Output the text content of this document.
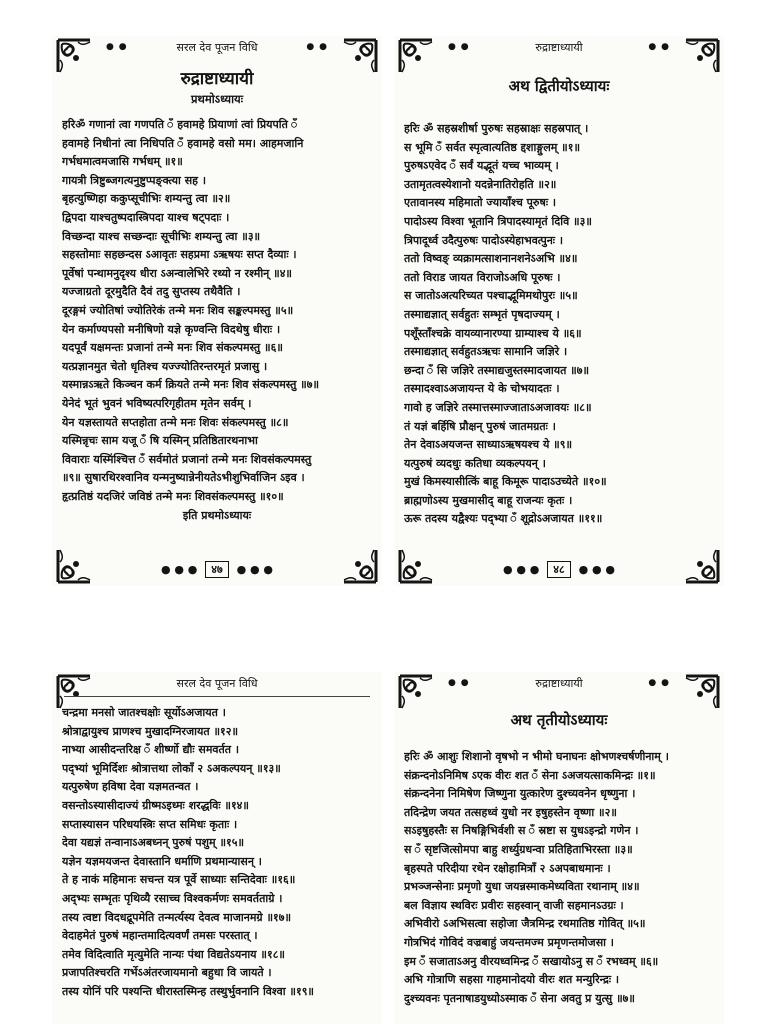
● ●	● ●
सरल देव पूजन विधि
रुद्राष्टाध्यायी
प्रथमोऽध्यायः
हरिॐ गणानां त्वा गणपति ँ हवामहे प्रियाणां त्वां प्रियपति ँ
हवामहे निधीनां त्वा निधिपति ँ हवामहे वसो मम। आहमजानि
गर्भधमात्वमजासि गर्भधम् ॥१॥
गायत्री त्रिष्टुब्जगत्यनुष्टुप्पङ्क्त्या सह ।
बृहत्युष्णिहा ककुप्सूचीभिः शम्यन्तु त्वा ॥२॥
द्विपदा याश्चतुष्पदास्त्रिपदा याश्च षट्पदाः ।
विच्छन्दा याश्च सच्छन्दाः सूचीभिः शम्यन्तु त्वा ॥३॥
सहस्तोमाः सहछन्दस ऽआवृतः सहप्रमा ऽऋषयः सप्त दैव्याः ।
पूर्वेषां पन्थामनुदृश्य धीरा ऽअन्वालेभिरे रथ्यो न रश्मीन् ॥४॥
यज्जाग्रतो दूरमुदैति दैवं तदु सुप्तस्य तथैवैति ।
दूरङ्गमं ज्योतिषां ज्योतिरेकं तन्मे मनः शिव सङ्कल्पमस्तु ॥५॥
येन कर्माण्यपसो मनीषिणो यज्ञे कृण्वन्ति विदथेषु धीराः ।
यदपूर्वं यक्षमन्तः प्रजानां तन्मे मनः शिव संकल्पमस्तु ॥६॥
यत्प्रज्ञानमुत चेतो धृतिश्च यज्ज्योतिरन्तरमृतं प्रजासु ।
यस्मान्नऽऋते किञ्चन कर्म क्रियते तन्मे मनः शिव संकल्पमस्तु ॥७॥
येनेदं भूतं भुवनं भविष्यत्परिगृहीतम मृतेन सर्वम् ।
येन यज्ञस्तायते सप्तहोता तन्मे मनः शिवः संकल्पमस्तु ॥८॥
यस्मिन्नृचः साम यजू ँ षि यस्मिन् प्रतिष्ठितारथनाभा
विवाराः यस्मिंश्चित्त ँ सर्वमोतं प्रजानां तन्मे मनः शिवसंकल्पमस्तु
॥९॥ सुषारथिरश्वानिव यन्मनुष्यान्नेनीयतेऽभीशुभिर्वाजिन ऽइव ।
हृत्प्रतिष्ठं यदजिरं जविष्ठं तन्मे मनः शिवसंकल्पमस्तु ॥१०॥
इति प्रथमोऽध्यायः
● ● ● ४७ ● ● ●
● ●	● ●
रुद्राष्टाध्यायी
अथ द्वितीयोऽध्यायः
हरिः ॐ सहस्रशीर्षा पुरुषः सहस्राक्षः सहस्रपात् ।
स भूमि ँ सर्वत स्पृत्वात्यतिष्ठ द्दशाङ्गुलम् ॥१॥
पुरुषऽएवेद ँ सर्वं यद्भूतं यच्च भाव्यम् ।
उतामृतत्वस्येशानो यदन्नेनातिरोहति ॥२॥
एतावानस्य महिमातो ज्यायाँश्च पूरुषः ।
पादोऽस्य विश्वा भूतानि त्रिपादस्यामृतं दिवि ॥३॥
त्रिपादूर्ध्व उदैत्पुरुषः पादोऽस्येहाभवत्पुनः ।
ततो विष्वङ् व्यक्रामत्साशनानशनेऽअभि ॥४॥
ततो विराड जायत विराजोऽअधि पूरुषः ।
स जातोऽअत्यरिच्यत पश्चाद्भूमिमथोपुरः ॥५॥
तस्माद्यज्ञात् सर्वहुतः सम्भृतं पृषदाज्यम् ।
पशूँस्ताँश्चक्रे वायव्यानारण्या ग्राम्याश्च ये ॥६॥
तस्माद्यज्ञात् सर्वहुतऽऋचः सामानि जज्ञिरे ।
छन्दा ँ सि जज्ञिरे तस्माद्यजुस्तस्मादजायत ॥७॥
तस्मादश्वाऽअजायन्त ये के चोभयादतः ।
गावो ह जज्ञिरे तस्मात्तस्माज्जाताऽअजावयः ॥८॥
तं यज्ञं बर्हिषि प्रौक्षन् पुरुषं जातमग्रतः ।
तेन देवाऽअयजन्त साध्याऽऋषयश्च ये ॥९॥
यत्पुरुषं व्यदधुः कतिधा व्यकल्पयन् ।
मुखं किमस्यासीत्किं बाहू किमूरू पादाऽउच्येते ॥१०॥
ब्राह्मणोऽस्य मुखमासीद् बाहू राजन्यः कृतः ।
ऊरू तदस्य यद्वैश्यः पद्भ्या ँ शूद्रोऽअजायत ॥११॥
● ● ● ४८ ● ● ●
सरल देव पूजन विधि
चन्द्रमा मनसो जातश्चक्षोः सूर्योऽअजायत ।
श्रोत्राद्वायुश्च प्राणश्च मुखादग्निरजायत ॥१२॥
नाभ्या आसीदन्तरिक्ष ँ शीर्ष्णो द्यौः समवर्तत ।
पद्भ्यां भूमिर्दिशः श्रोत्रात्तथा लोकाँ २ ऽअकल्पयन् ॥१३॥
यत्पुरुषेण हविषा देवा यज्ञमतन्वत ।
वसन्तोऽस्यासीदाज्यं ग्रीष्मऽइध्मः शरद्धविः ॥१४॥
सप्तास्यासन परिधयस्त्रिः सप्त समिधः कृताः ।
देवा यद्यज्ञं तन्वानाऽअबध्नन् पुरुषं पशुम् ॥१५॥
यज्ञेन यज्ञमयजन्त देवास्तानि धर्माणि प्रथमान्यासन् ।
ते ह नाकं महिमानः सचन्त यत्र पूर्वे साध्याः सन्तिदेवाः ॥१६॥
अद्भ्यः सम्भृतः पृथिव्यै रसाच्च विश्वकर्मणः समवर्तताग्रे ।
तस्य त्वष्टा विदधद्रूपमेति तन्मर्त्यस्य देवत्व माजानमग्रे ॥१७॥
वेदाहमेतं पुरुषं महान्तमादित्यवर्णं तमसः परस्तात् ।
तमेव विदित्वाति मृत्युमेति नान्यः पंथा विद्यतेऽयनाय ॥१८॥
प्रजापतिश्चरति गर्भेऽअंतरजायमानो बहुधा वि जायते ।
तस्य योनिं परि पश्यन्ति धीरास्तस्मिन्ह तस्थुर्भुवनानि विश्वा ॥१९॥
● ●	● ●
रुद्राष्टाध्यायी
अथ तृतीयोऽध्यायः
हरिः ॐ आशुः शिशानो वृषभो न भीमो घनाघनः क्षोभणश्चर्षणीनाम् ।
संक्रन्दनोऽनिमिष ऽएक वीरः शत ँ सेना ऽअजयत्साकमिन्द्रः ॥१॥
संक्रन्दनेना निमिषेण जिष्णुना युत्कारेण दुश्च्यवनेन धृष्णुना ।
तदिन्द्रेण जयत तत्सहध्वं युधो नर इषुहस्तेन वृष्णा ॥२॥
सऽइषुहस्तैः स निषङ्गिभिर्वशी स ँ स्रष्टा स युधऽइन्द्रो गणेन ।
स ँ सृष्टजित्सोमपा बाहु शर्ध्युग्रधन्वा प्रतिहिताभिरस्ता ॥३॥
बृहस्पते परिदीया रथेन रक्षोहामित्राँ २ ऽअपबाधमानः ।
प्रभञ्जन्सेनाः प्रमृणो युधा जयन्नस्माकमेध्यविता रथानाम् ॥४॥
बल विज्ञाय स्थविरः प्रवीरः सहस्वान् वाजी सहमानऽउग्रः ।
अभिवीरो ऽअभिसत्वा सहोजा जैत्रमिन्द्र रथमातिष्ठ गोवित् ॥५॥
गोत्रभिदं गोविदं वज्रबाहुं जयन्तमज्म प्रमृणन्तमोजसा ।
इम ँ सजाताऽअनु वीरयध्वमिन्द्र ँ सखायोऽनु स ँ रभध्वम् ॥६॥
अभि गोत्राणि सहसा गाहमानोदयो वीरः शत मन्युरिन्द्रः ।
दुश्च्यवनः पृतनाषाडयुध्योऽस्माक ँ सेना अवतु प्र युत्सु ॥७॥
